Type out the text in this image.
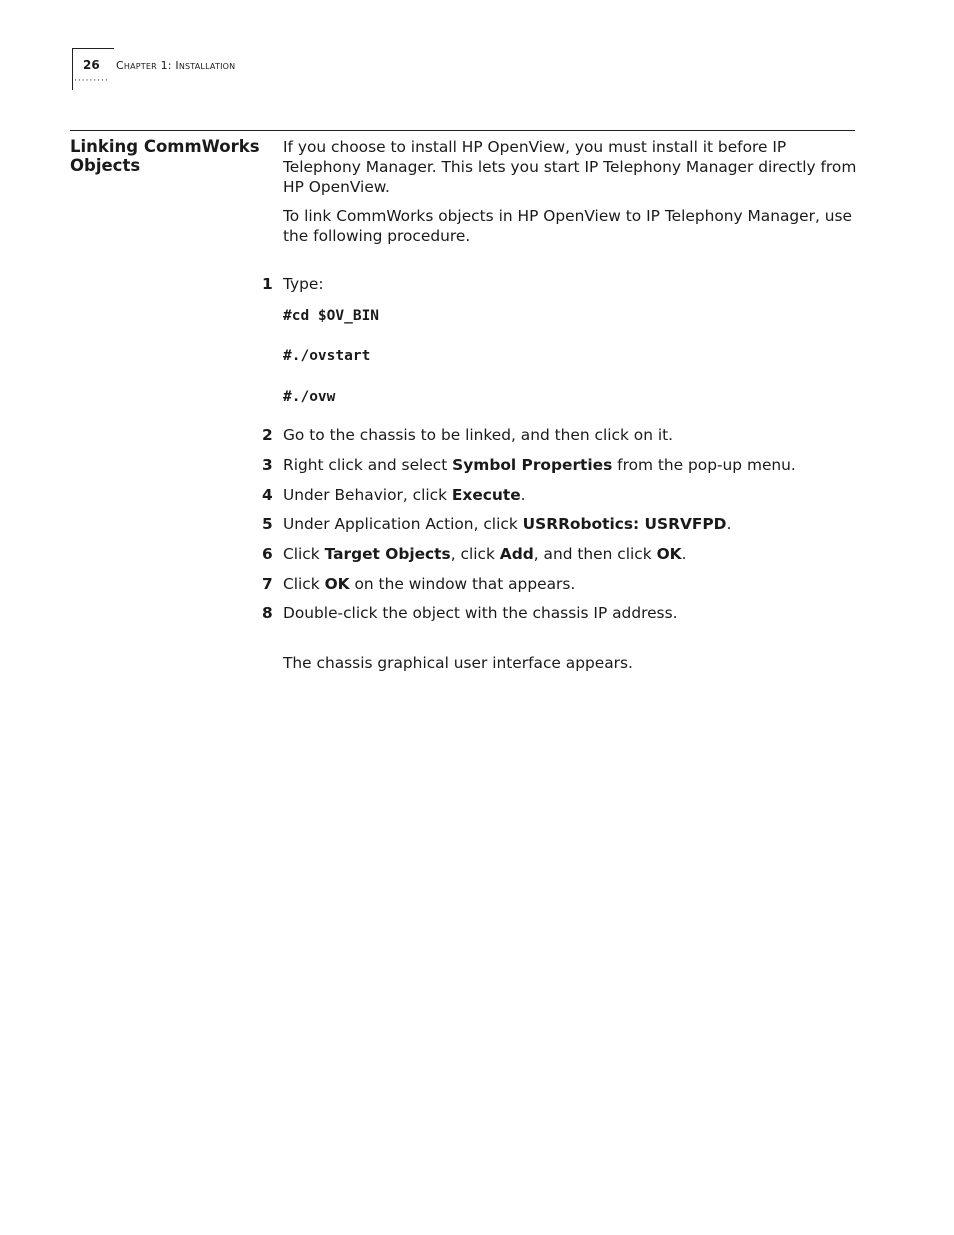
26 Chapter 1: Installation
·········
Linking CommWorks
Objects

If you choose to install HP OpenView, you must install it before IP Telephony Manager. This lets you start IP Telephony Manager directly from HP OpenView.

To link CommWorks objects in HP OpenView to IP Telephony Manager, use the following procedure.

1 Type:
#cd $OV_BIN
#./ovstart
#./ovw
2 Go to the chassis to be linked, and then click on it.
3 Right click and select Symbol Properties from the pop-up menu.
4 Under Behavior, click Execute.
5 Under Application Action, click USRRobotics: USRVFPD.
6 Click Target Objects, click Add, and then click OK.
7 Click OK on the window that appears.
8 Double-click the object with the chassis IP address.

The chassis graphical user interface appears.
